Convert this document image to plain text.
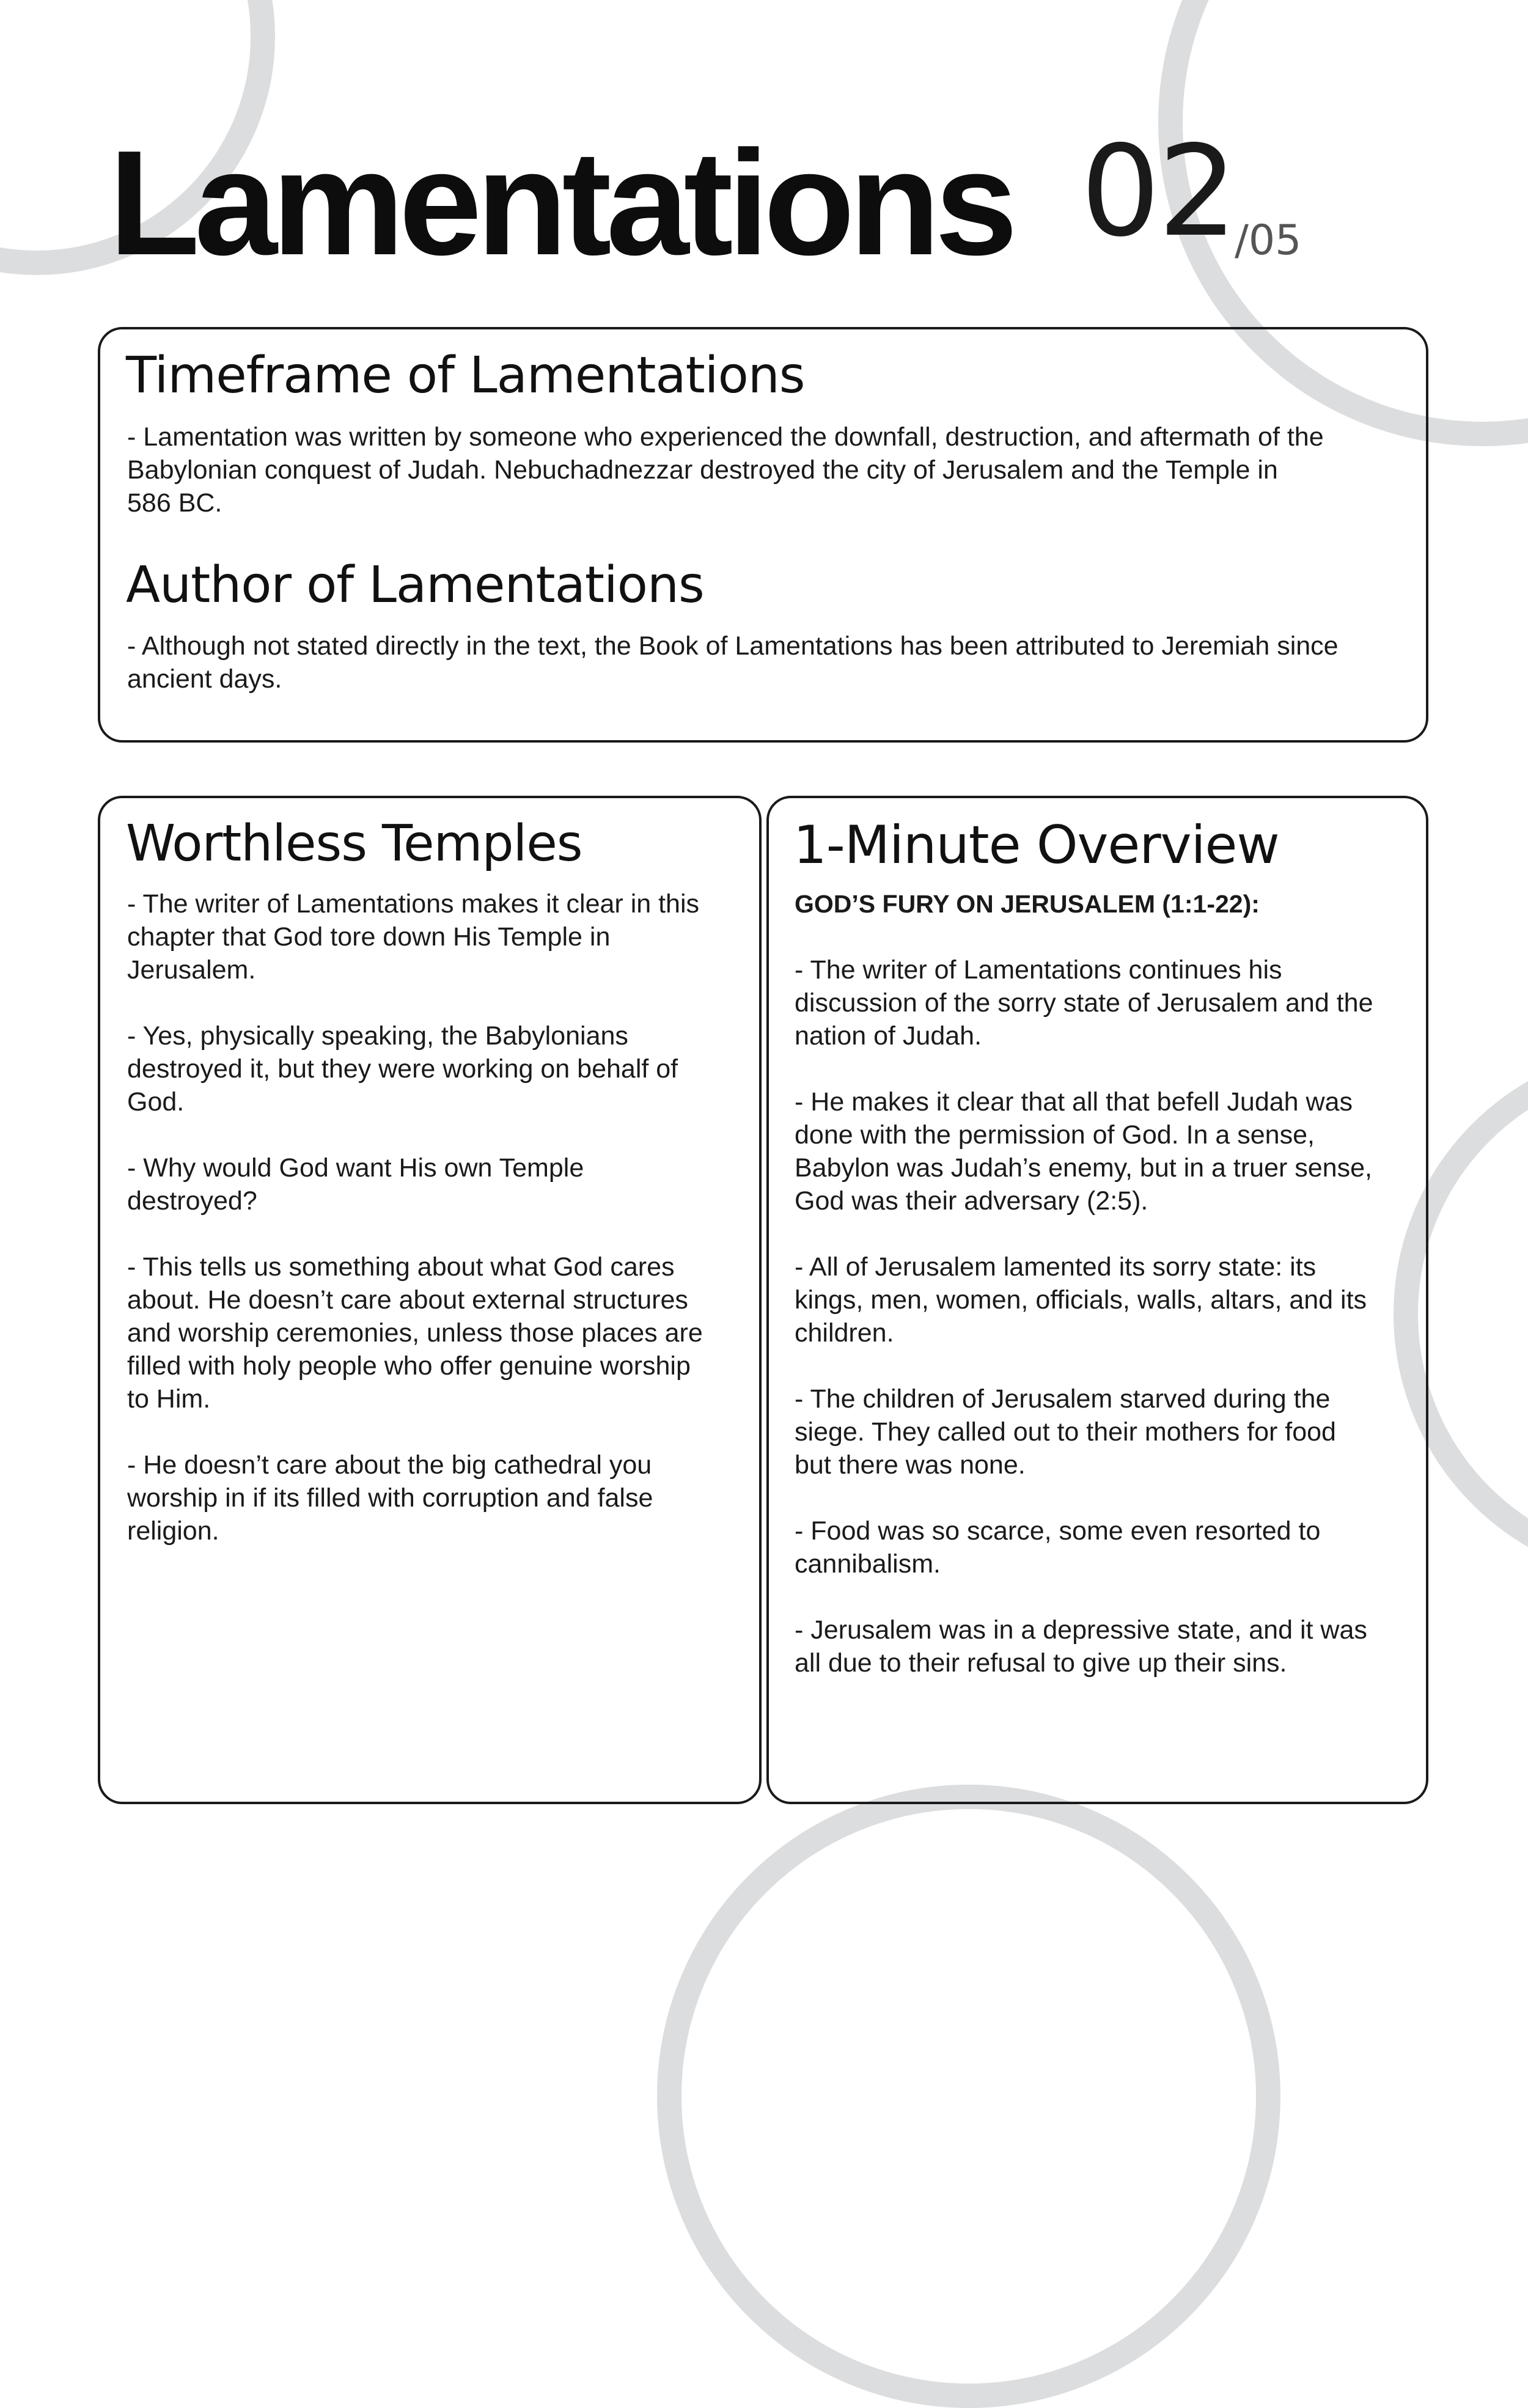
Lamentations 02 /05
Timeframe of Lamentations
- Lamentation was written by someone who experienced the downfall, destruction, and aftermath of the
Babylonian conquest of Judah. Nebuchadnezzar destroyed the city of Jerusalem and the Temple in
586 BC.
Author of Lamentations
- Although not stated directly in the text, the Book of Lamentations has been attributed to Jeremiah since
ancient days.
Worthless Temples
- The writer of Lamentations makes it clear in this
chapter that God tore down His Temple in
Jerusalem.

- Yes, physically speaking, the Babylonians
destroyed it, but they were working on behalf of
God.

- Why would God want His own Temple
destroyed?

- This tells us something about what God cares
about. He doesn’t care about external structures
and worship ceremonies, unless those places are
filled with holy people who offer genuine worship
to Him.

- He doesn’t care about the big cathedral you
worship in if its filled with corruption and false
religion.
1-Minute Overview
GOD’S FURY ON JERUSALEM (1:1-22):
- The writer of Lamentations continues his
discussion of the sorry state of Jerusalem and the
nation of Judah.

- He makes it clear that all that befell Judah was
done with the permission of God. In a sense,
Babylon was Judah’s enemy, but in a truer sense,
God was their adversary (2:5).

- All of Jerusalem lamented its sorry state: its
kings, men, women, officials, walls, altars, and its
children.

- The children of Jerusalem starved during the
siege. They called out to their mothers for food
but there was none.

- Food was so scarce, some even resorted to
cannibalism.

- Jerusalem was in a depressive state, and it was
all due to their refusal to give up their sins.
